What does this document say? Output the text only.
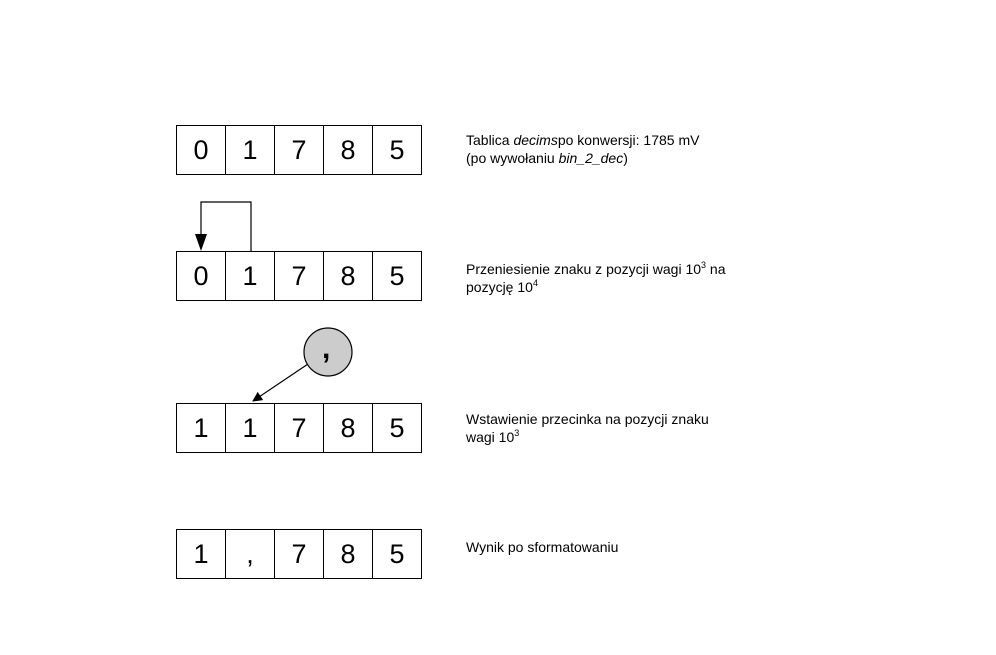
,
0	1	7	8	5	Tablica decimspo konwersji: 1785 mV
(po wywołaniu bin_2_dec)
0	1	7	8	5	Przeniesienie znaku z pozycji wagi $10^3$ na
pozycję $10^4$
1	1	7	8	5	Wstawienie przecinka na pozycji znaku
wagi $10^3$
1	,	7	8	5	Wynik po sformatowaniu
